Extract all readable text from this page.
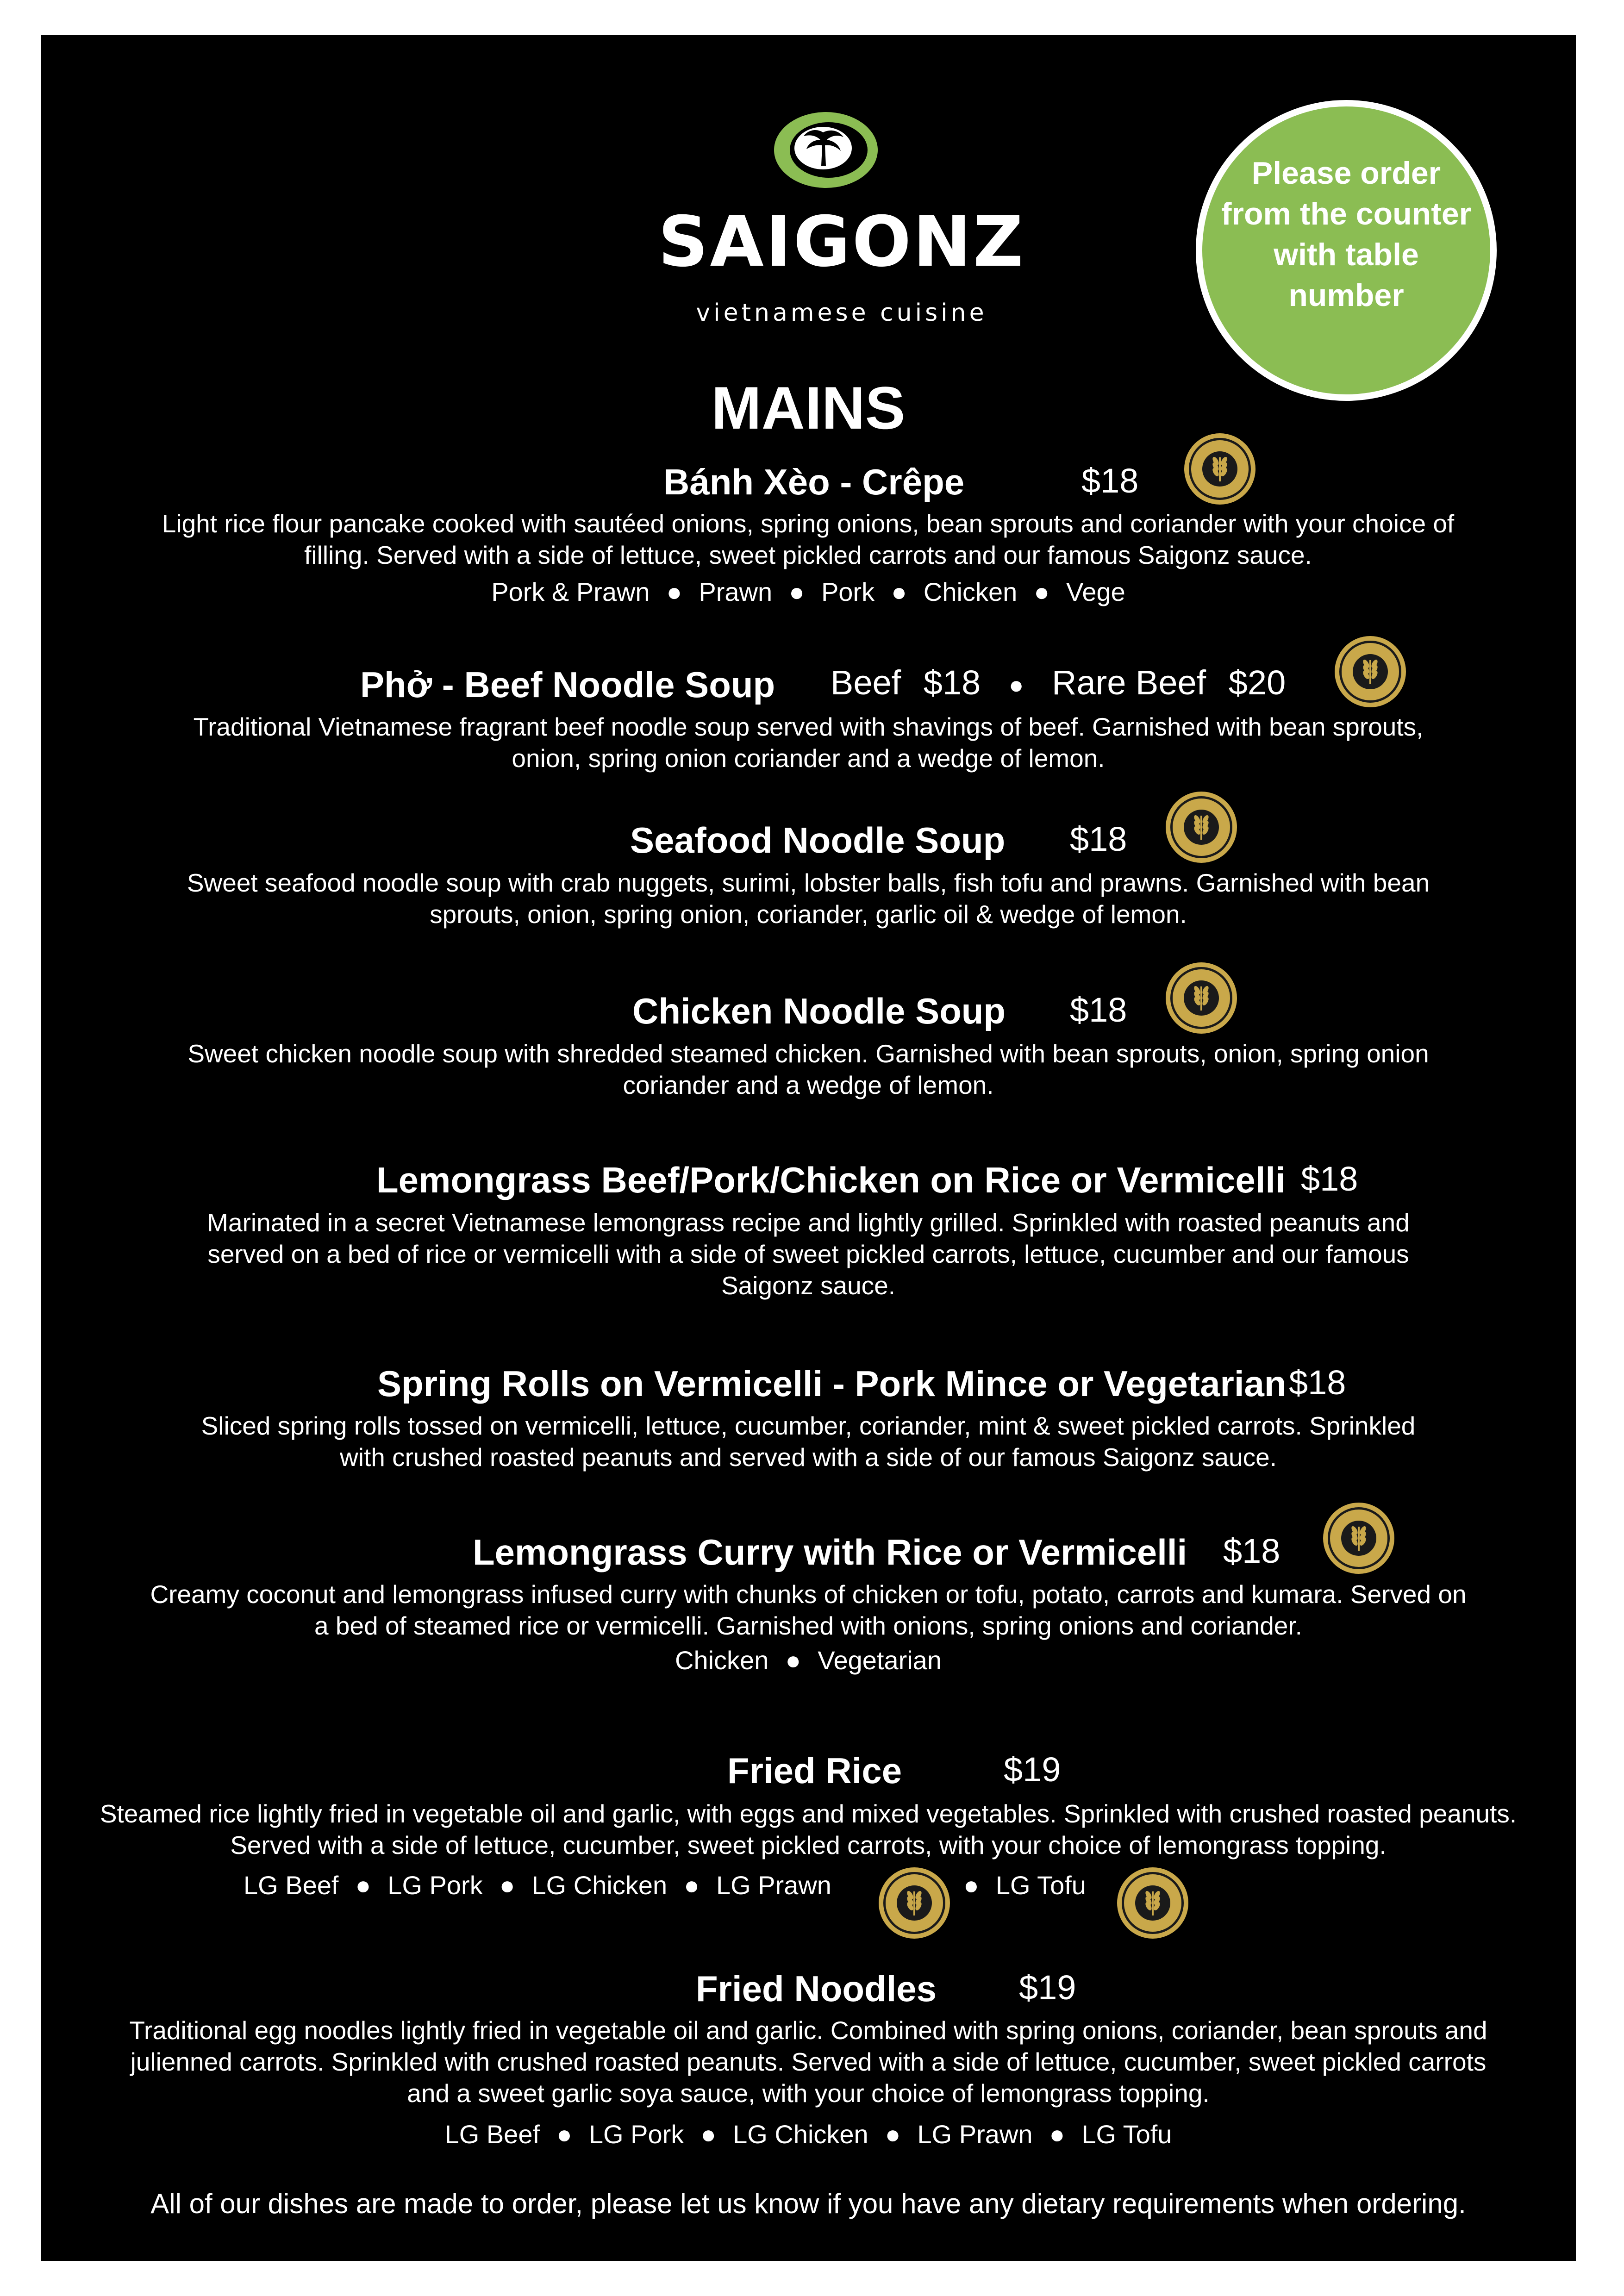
SAIGONZ
vietnamese cuisine
Please order from the counter with table number
MAINS
Bánh Xèo - Crêpe	$18
Light rice flour pancake cooked with sautéed onions, spring onions, bean sprouts and coriander with your choice of filling. Served with a side of lettuce, sweet pickled carrots and our famous Saigonz sauce.
Pork & Prawn ● Prawn ● Pork ● Chicken ● Vege
Phở - Beef Noodle Soup Beef $18 ● Rare Beef $20
Traditional Vietnamese fragrant beef noodle soup served with shavings of beef. Garnished with bean sprouts, onion, spring onion coriander and a wedge of lemon.
Seafood Noodle Soup $18
Sweet seafood noodle soup with crab nuggets, surimi, lobster balls, fish tofu and prawns. Garnished with bean sprouts, onion, spring onion, coriander, garlic oil & wedge of lemon.
Chicken Noodle Soup $18
Sweet chicken noodle soup with shredded steamed chicken. Garnished with bean sprouts, onion, spring onion coriander and a wedge of lemon.
Lemongrass Beef/Pork/Chicken on Rice or Vermicelli $18
Marinated in a secret Vietnamese lemongrass recipe and lightly grilled. Sprinkled with roasted peanuts and served on a bed of rice or vermicelli with a side of sweet pickled carrots, lettuce, cucumber and our famous Saigonz sauce.
Spring Rolls on Vermicelli - Pork Mince or Vegetarian $18
Sliced spring rolls tossed on vermicelli, lettuce, cucumber, coriander, mint & sweet pickled carrots. Sprinkled with crushed roasted peanuts and served with a side of our famous Saigonz sauce.
Lemongrass Curry with Rice or Vermicelli $18
Creamy coconut and lemongrass infused curry with chunks of chicken or tofu, potato, carrots and kumara. Served on a bed of steamed rice or vermicelli. Garnished with onions, spring onions and coriander.
Chicken ● Vegetarian
Fried Rice	$19
Steamed rice lightly fried in vegetable oil and garlic, with eggs and mixed vegetables. Sprinkled with crushed roasted peanuts. Served with a side of lettuce, cucumber, sweet pickled carrots, with your choice of lemongrass topping.
LG Beef ● LG Pork ● LG Chicken ● LG Prawn	● LG Tofu
Fried Noodles $19
Traditional egg noodles lightly fried in vegetable oil and garlic. Combined with spring onions, coriander, bean sprouts and julienned carrots. Sprinkled with crushed roasted peanuts. Served with a side of lettuce, cucumber, sweet pickled carrots and a sweet garlic soya sauce, with your choice of lemongrass topping.
LG Beef ● LG Pork ● LG Chicken ● LG Prawn ● LG Tofu
All of our dishes are made to order, please let us know if you have any dietary requirements when ordering.
